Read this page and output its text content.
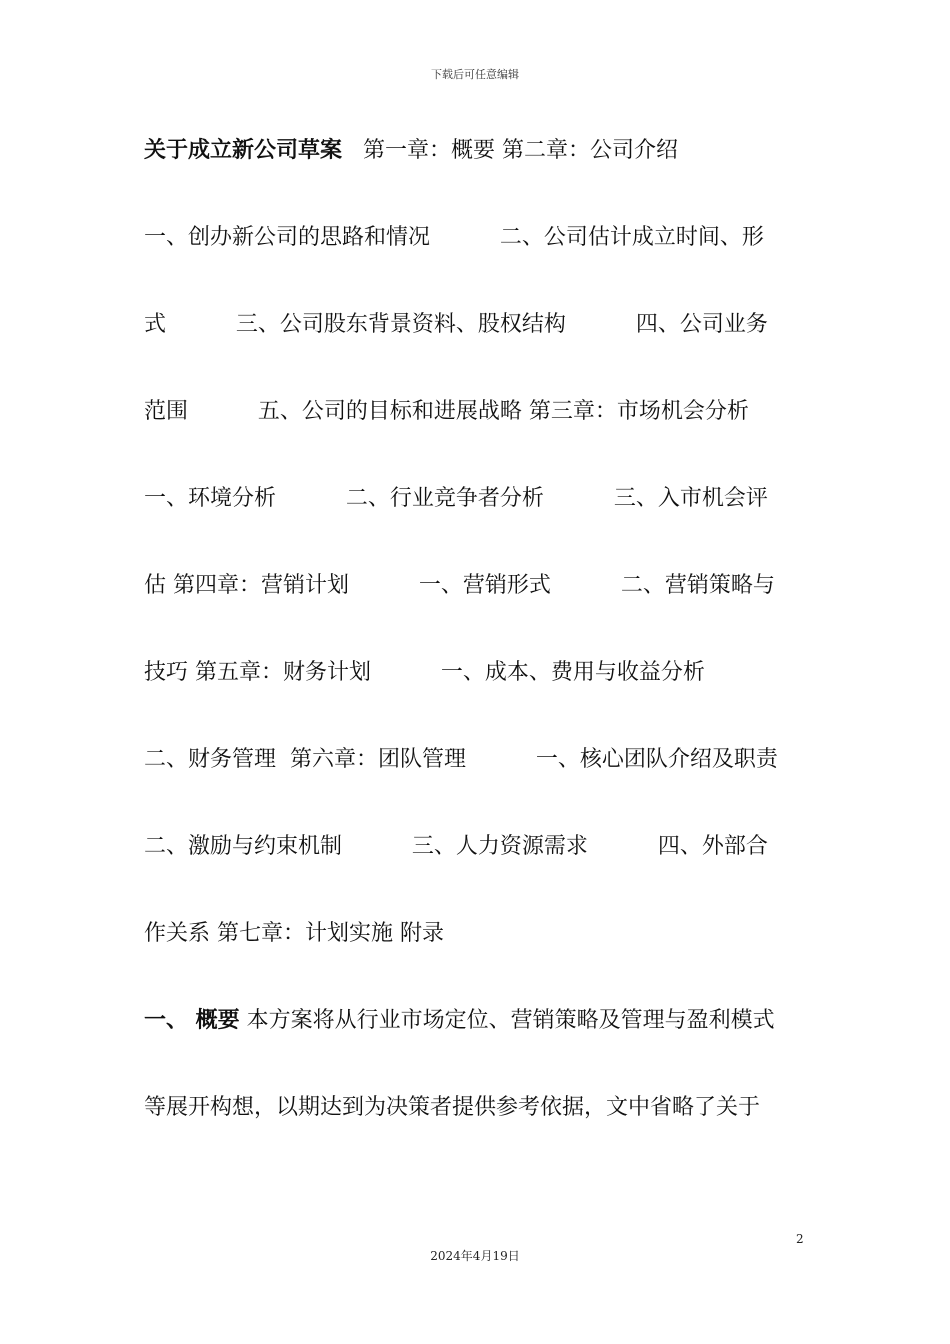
下载后可任意编辑
关于成立新公司草案   第一章：概要 第二章：公司介绍
一、创办新公司的思路和情况          二、公司估计成立时间、形
式          三、公司股东背景资料、股权结构          四、公司业务
范围          五、公司的目标和进展战略 第三章：市场机会分析
一、环境分析          二、行业竞争者分析          三、入市机会评
估 第四章：营销计划          一、营销形式          二、营销策略与
技巧 第五章：财务计划          一、成本、费用与收益分析
二、财务管理  第六章：团队管理          一、核心团队介绍及职责
二、激励与约束机制          三、人力资源需求          四、外部合
作关系 第七章：计划实施 附录
一、 概要 本方案将从行业市场定位、营销策略及管理与盈利模式
等展开构想，以期达到为决策者提供参考依据，文中省略了关于
2
2024年4月19日
